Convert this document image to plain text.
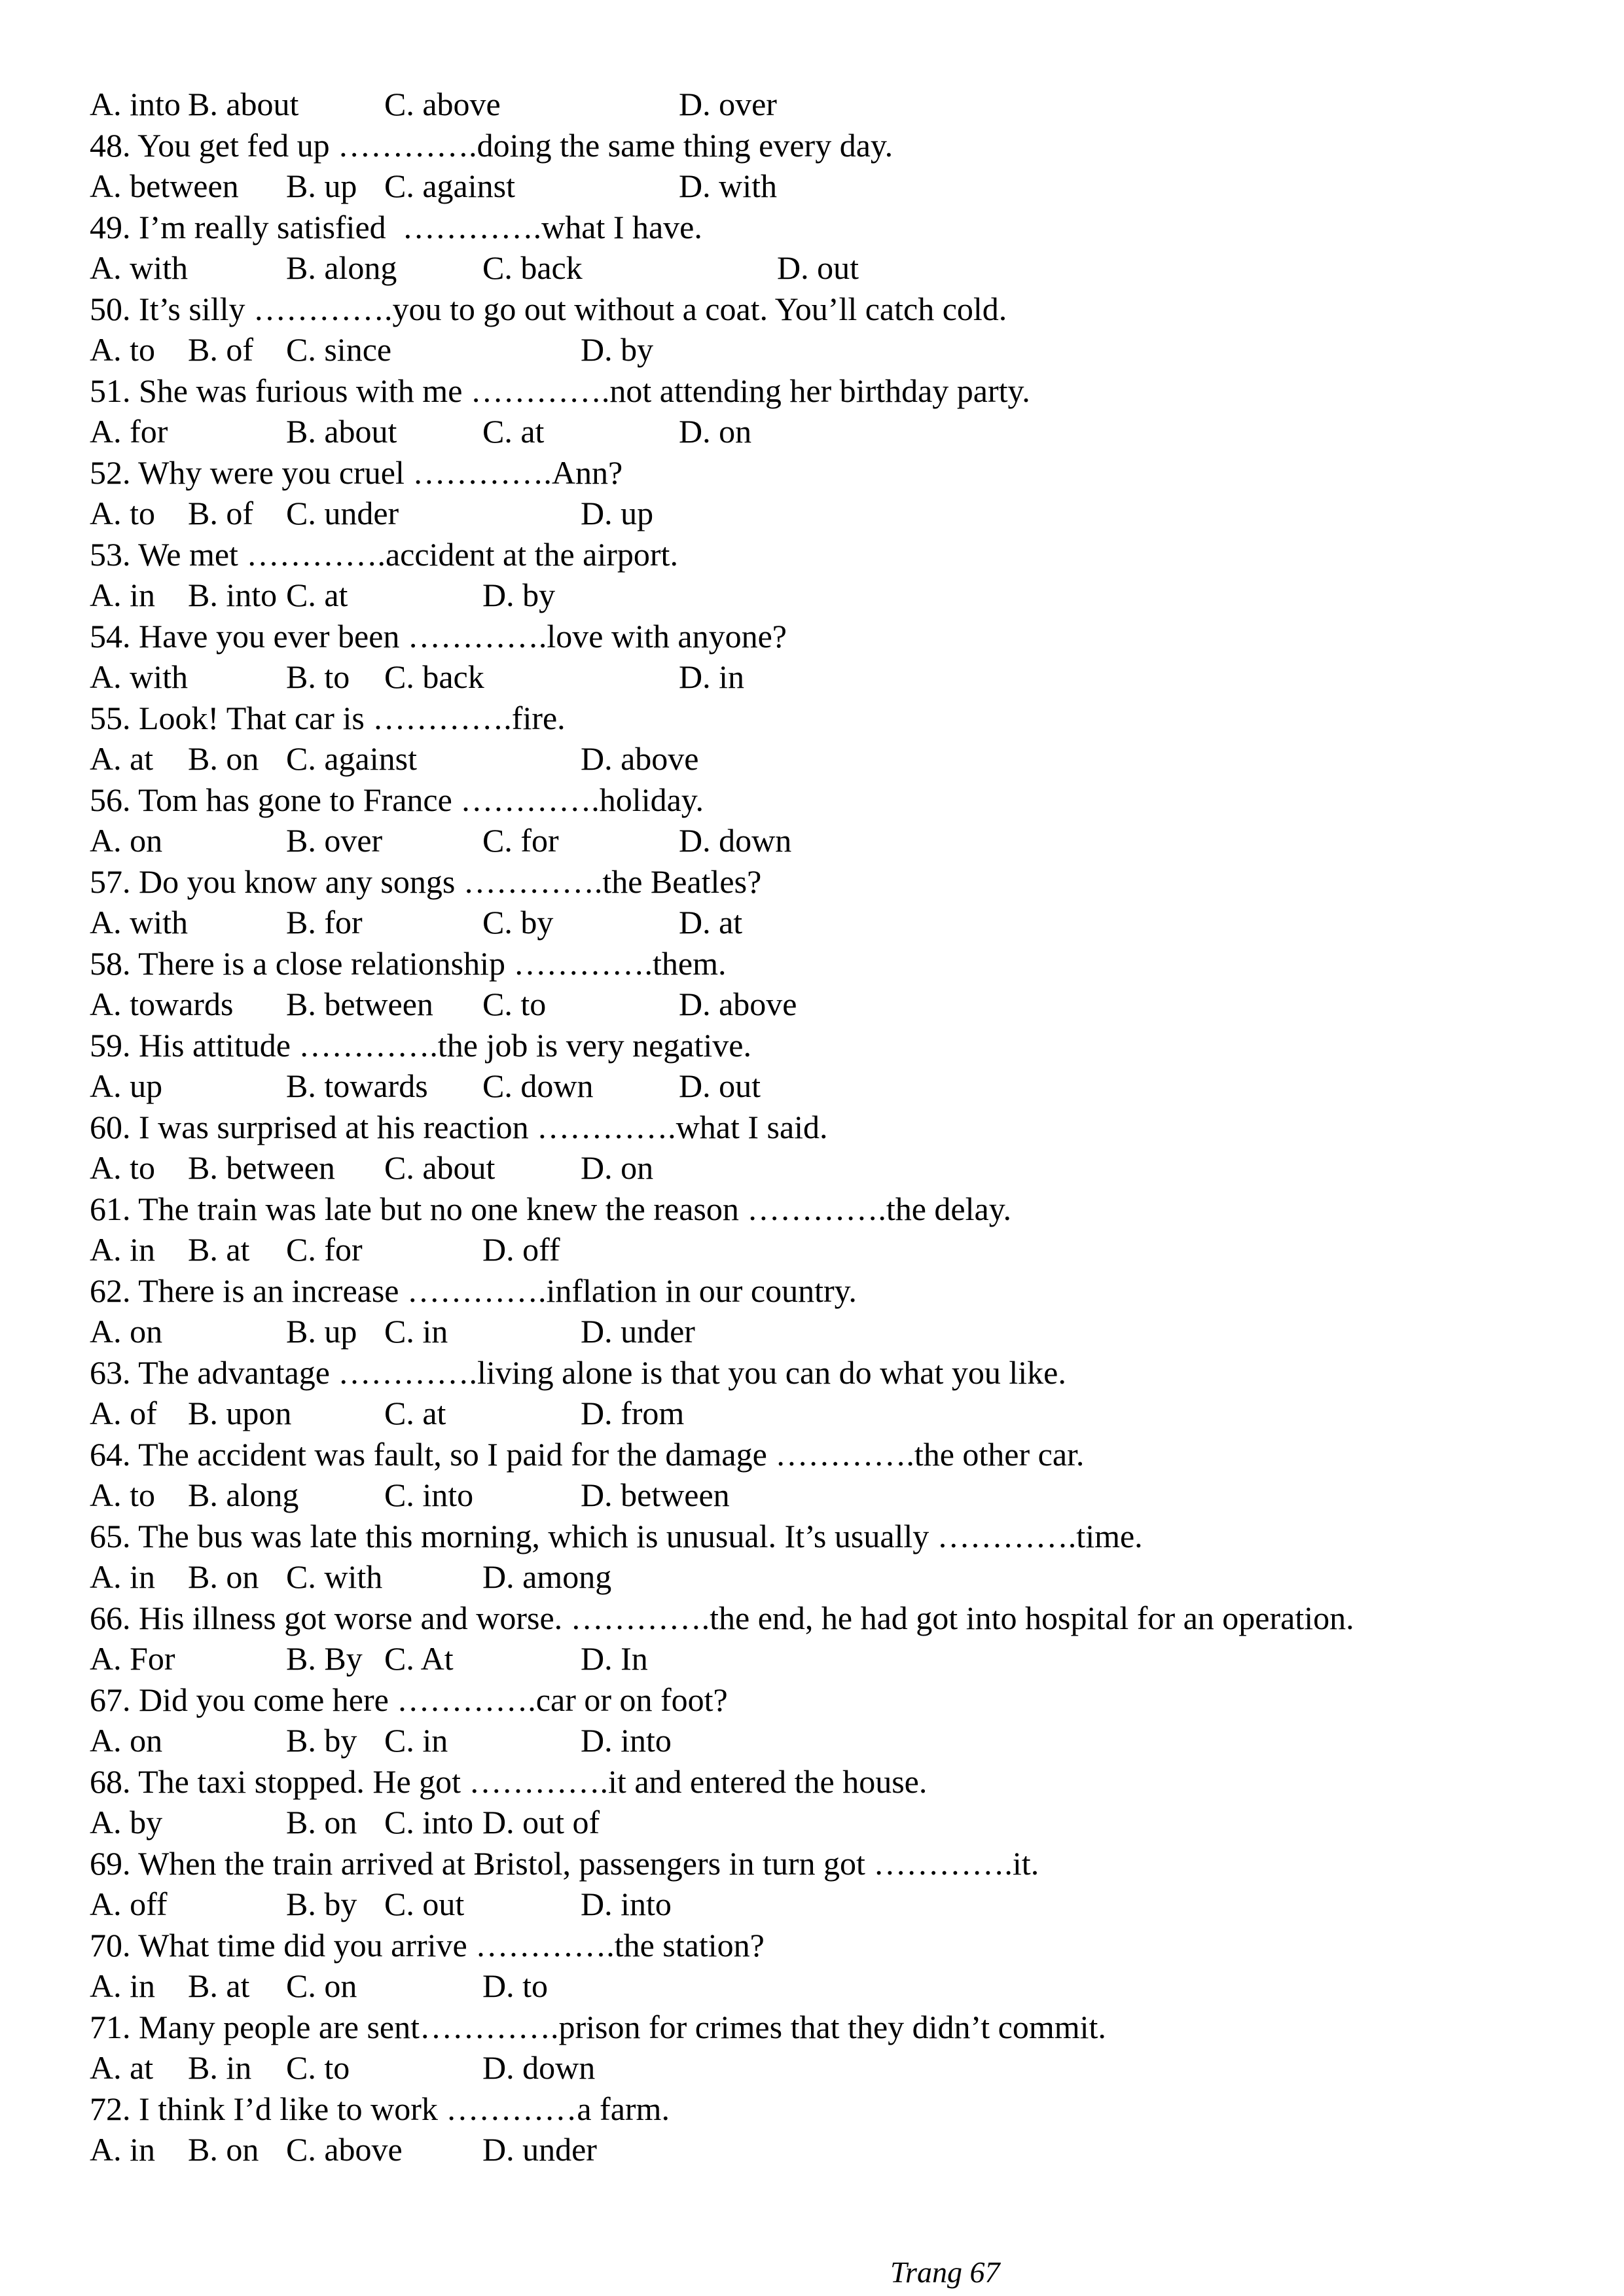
A. into	B. about	C. above		D. over
48. You get fed up ………….doing the same thing every day.
A. between	B. up	C. against		D. with
49. I’m really satisfied  ………….what I have.
A. with	B. along	C. back		D. out
50. It’s silly ………….you to go out without a coat. You’ll catch cold.
A. to	B. of	C. since		D. by
51. She was furious with me ………….not attending her birthday party.
A. for		B. about	C. at		D. on
52. Why were you cruel ………….Ann?
A. to	B. of	C. under		D. up
53. We met ………….accident at the airport.
A. in	B. into	C. at		D. by
54. Have you ever been ………….love with anyone?
A. with	B. to	C. back		D. in
55. Look! That car is ………….fire.
A. at	B. on	C. against		D. above
56. Tom has gone to France ………….holiday.
A. on		B. over	C. for		D. down
57. Do you know any songs ………….the Beatles?
A. with	B. for		C. by		D. at
58. There is a close relationship ………….them.
A. towards	B. between	C. to		D. above
59. His attitude ………….the job is very negative.
A. up		B. towards	C. down	D. out
60. I was surprised at his reaction ………….what I said.
A. to	B. between	C. about	D. on
61. The train was late but no one knew the reason ………….the delay.
A. in	B. at	C. for		D. off
62. There is an increase ………….inflation in our country.
A. on		B. up	C. in		D. under
63. The advantage ………….living alone is that you can do what you like.
A. of	B. upon	C. at		D. from
64. The accident was fault, so I paid for the damage ………….the other car.
A. to	B. along	C. into		D. between
65. The bus was late this morning, which is unusual. It’s usually ………….time.
A. in	B. on	C. with	D. among
66. His illness got worse and worse. ………….the end, he had got into hospital for an operation.
A. For		B. By	C. At		D. In
67. Did you come here ………….car or on foot?
A. on		B. by	C. in		D. into
68. The taxi stopped. He got ………….it and entered the house.
A. by		B. on	C. into	D. out of
69. When the train arrived at Bristol, passengers in turn got ………….it.
A. off		B. by	C. out		D. into
70. What time did you arrive ………….the station?
A. in	B. at	C. on		D. to
71. Many people are sent………….prison for crimes that they didn’t commit.
A. at	B. in	C. to		D. down
72. I think I’d like to work …………a farm.
A. in	B. on	C. above	D. under
Trang 67
